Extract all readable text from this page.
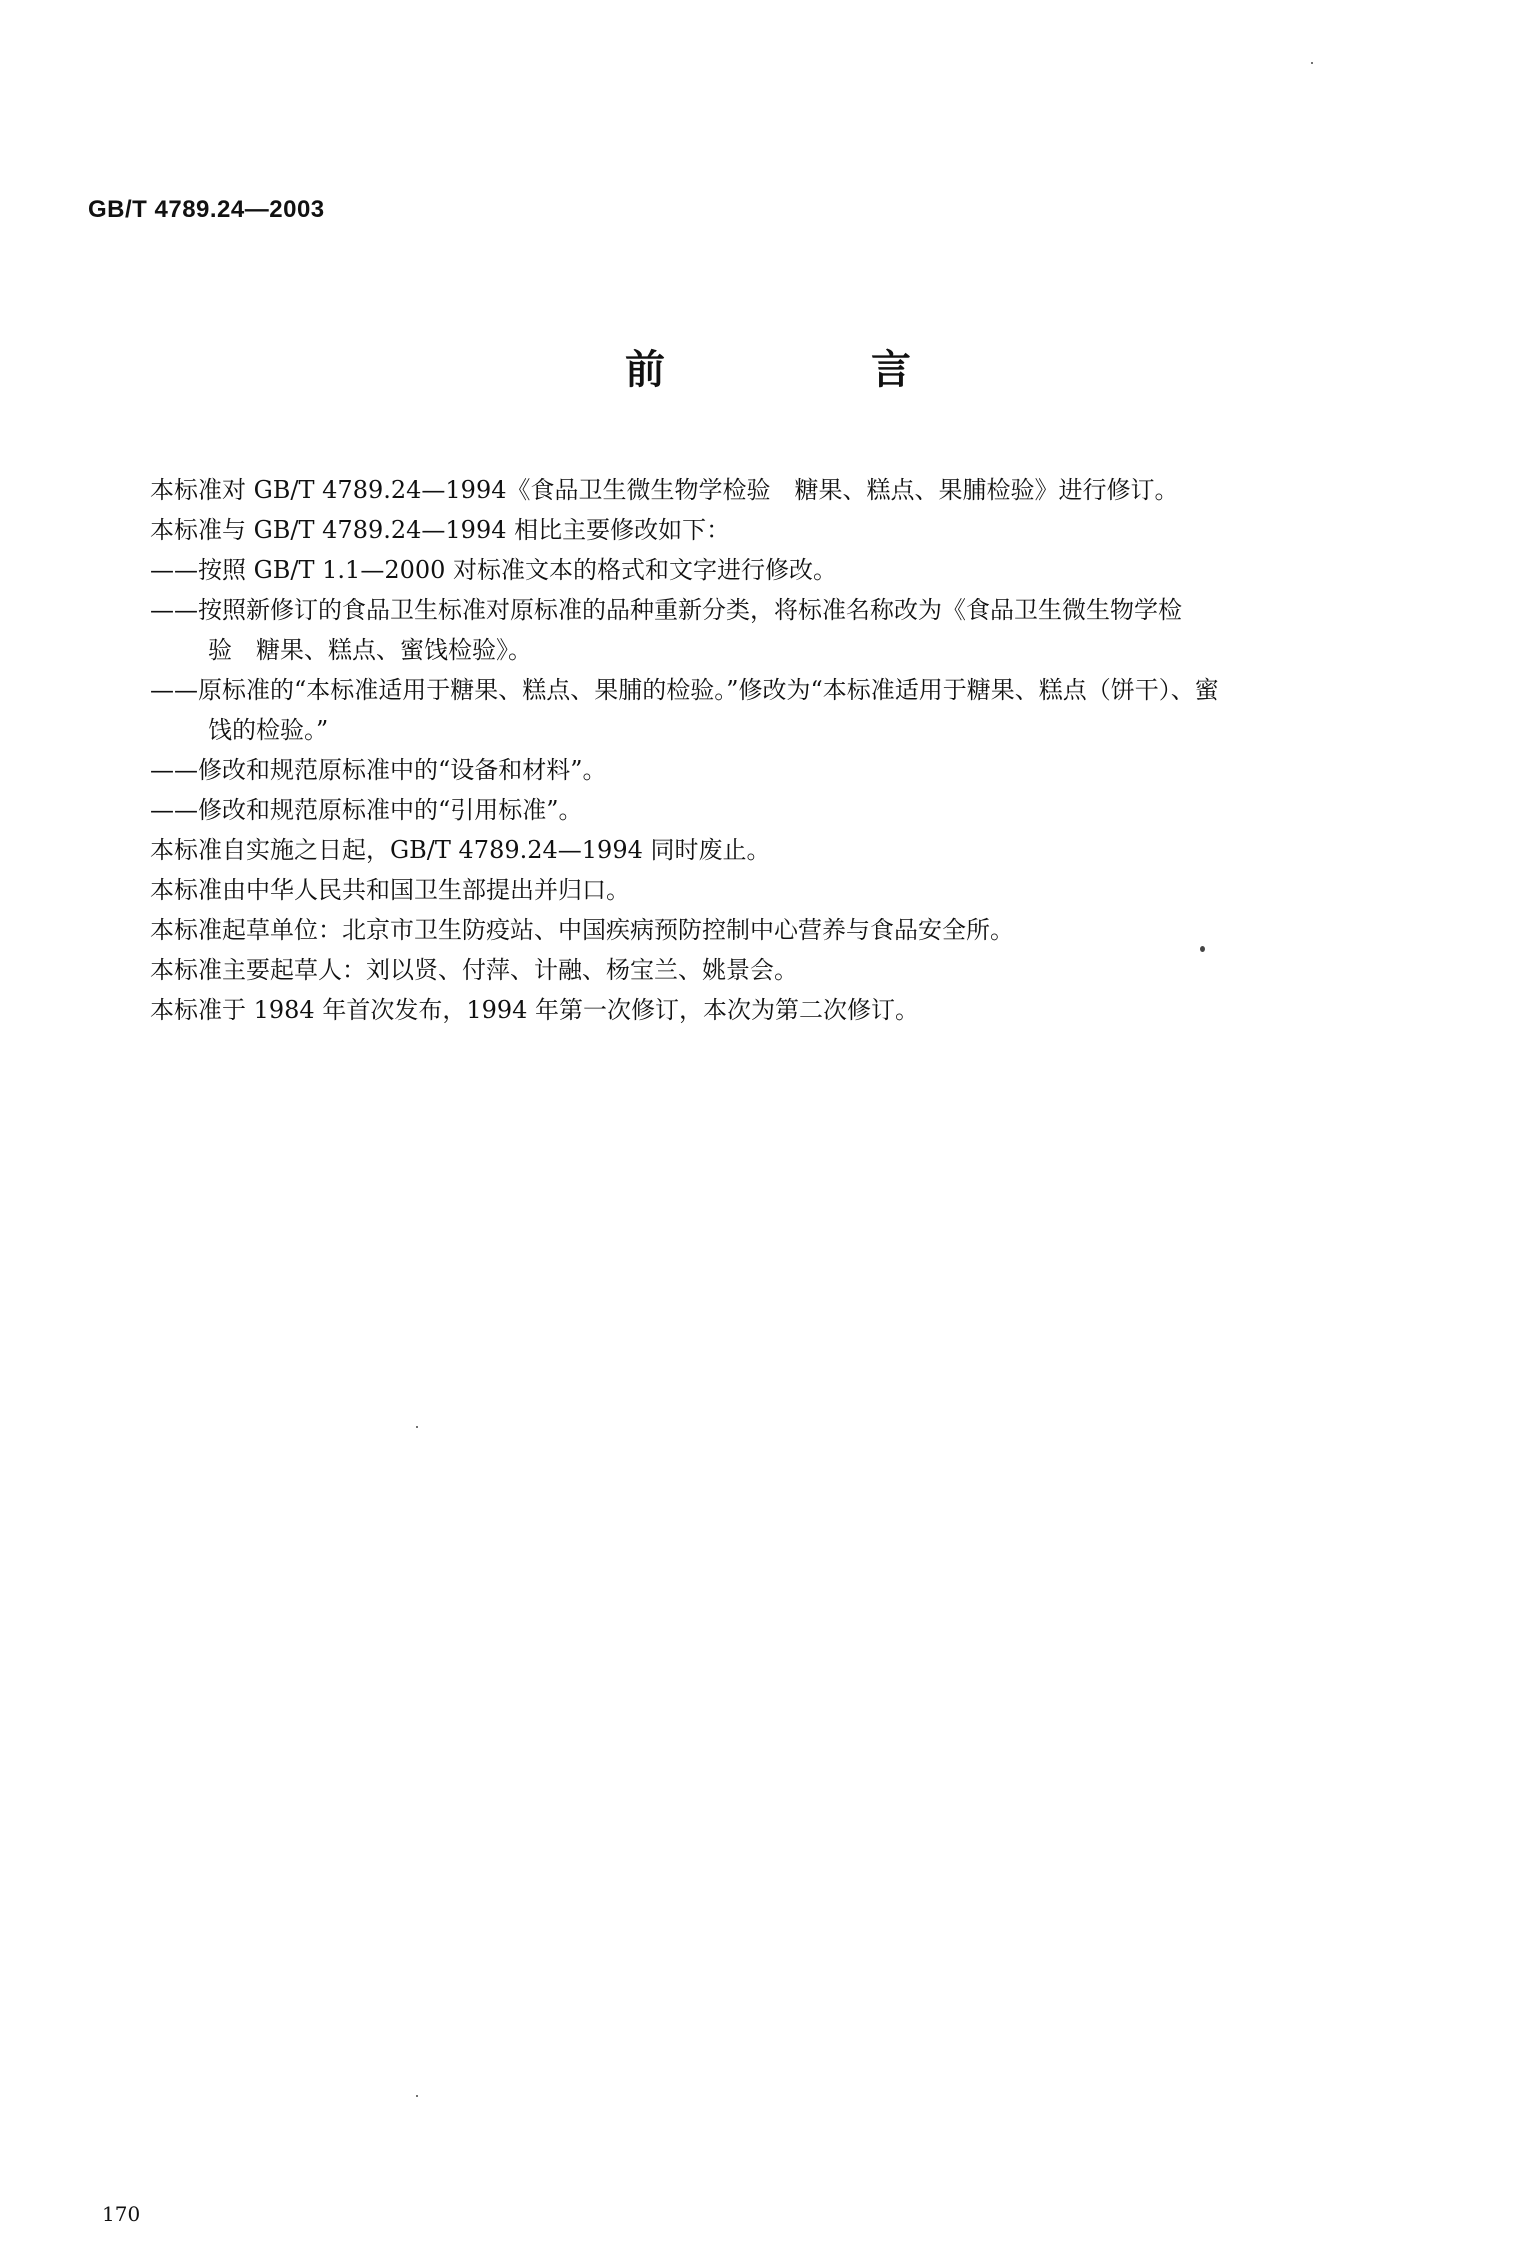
GB/T 4789.24—2003
前 言

本标准对 GB/T 4789.24—1994《食品卫生微生物学检验　糖果、糕点、果脯检验》进行修订。

本标准与 GB/T 4789.24—1994 相比主要修改如下：

—— 按照 GB/T 1.1—2000 对标准文本的格式和文字进行修改。
—— 按照新修订的食品卫生标准对原标准的品种重新分类，将标准名称改为《食品卫生微生物学检
验　糖果、糕点、蜜饯检验》。
—— 原标准的“本标准适用于糖果、糕点、果脯的检验。”修改为“本标准适用于糖果、糕点（饼干）、蜜
饯的检验。”
—— 修改和规范原标准中的“设备和材料”。
—— 修改和规范原标准中的“引用标准”。

本标准自实施之日起，GB/T 4789.24—1994 同时废止。

本标准由中华人民共和国卫生部提出并归口。

本标准起草单位：北京市卫生防疫站、中国疾病预防控制中心营养与食品安全所。

本标准主要起草人：刘以贤、付萍、计融、杨宝兰、姚景会。

本标准于 1984 年首次发布，1994 年第一次修订，本次为第二次修订。

170
